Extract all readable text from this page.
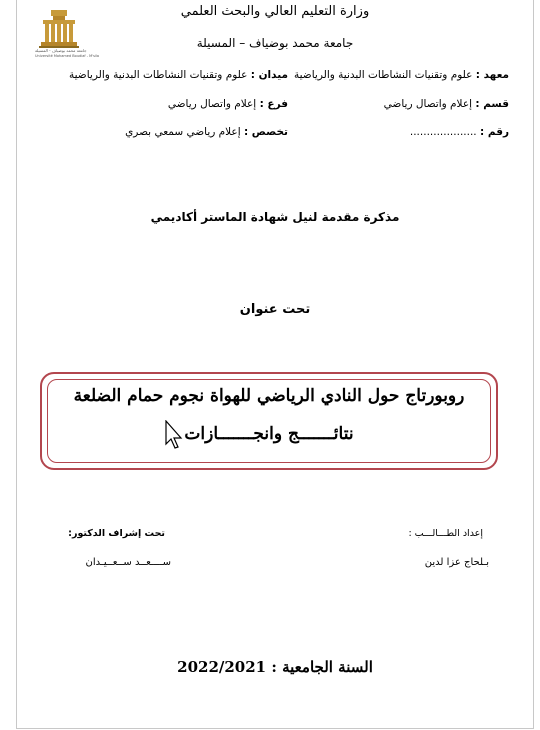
وزارة التعليم العالي والبحث العلمي
جامعة محمد بوضياف – المسيلة
جامعة محمد بوضياف - المسيلة
Université Mohamed Boudiaf - M'sila
معهد : علوم وتقنيات النشاطات البدنية والرياضية
قسم : إعلام واتصال رياضي
رقم : ....................
ميدان : علوم وتقنيات النشاطات البدنية والرياضية
فرع : إعلام واتصال رياضي
تخصص : إعلام رياضي سمعي بصري
مذكرة مقدمة لنيل شهادة الماستر أكاديمي
تحت عنوان
روبورتاج حول النادي الرياضي للهواة نجوم حمام الضلعة
نتائـــــــج وانجـــــــازات
إعداد الطـــالـــب :
بـلحاج عزا لدين
تحت إشراف الدكتور:
ســــعــد ســعــيـدان
السنة الجامعية : 2022/2021
